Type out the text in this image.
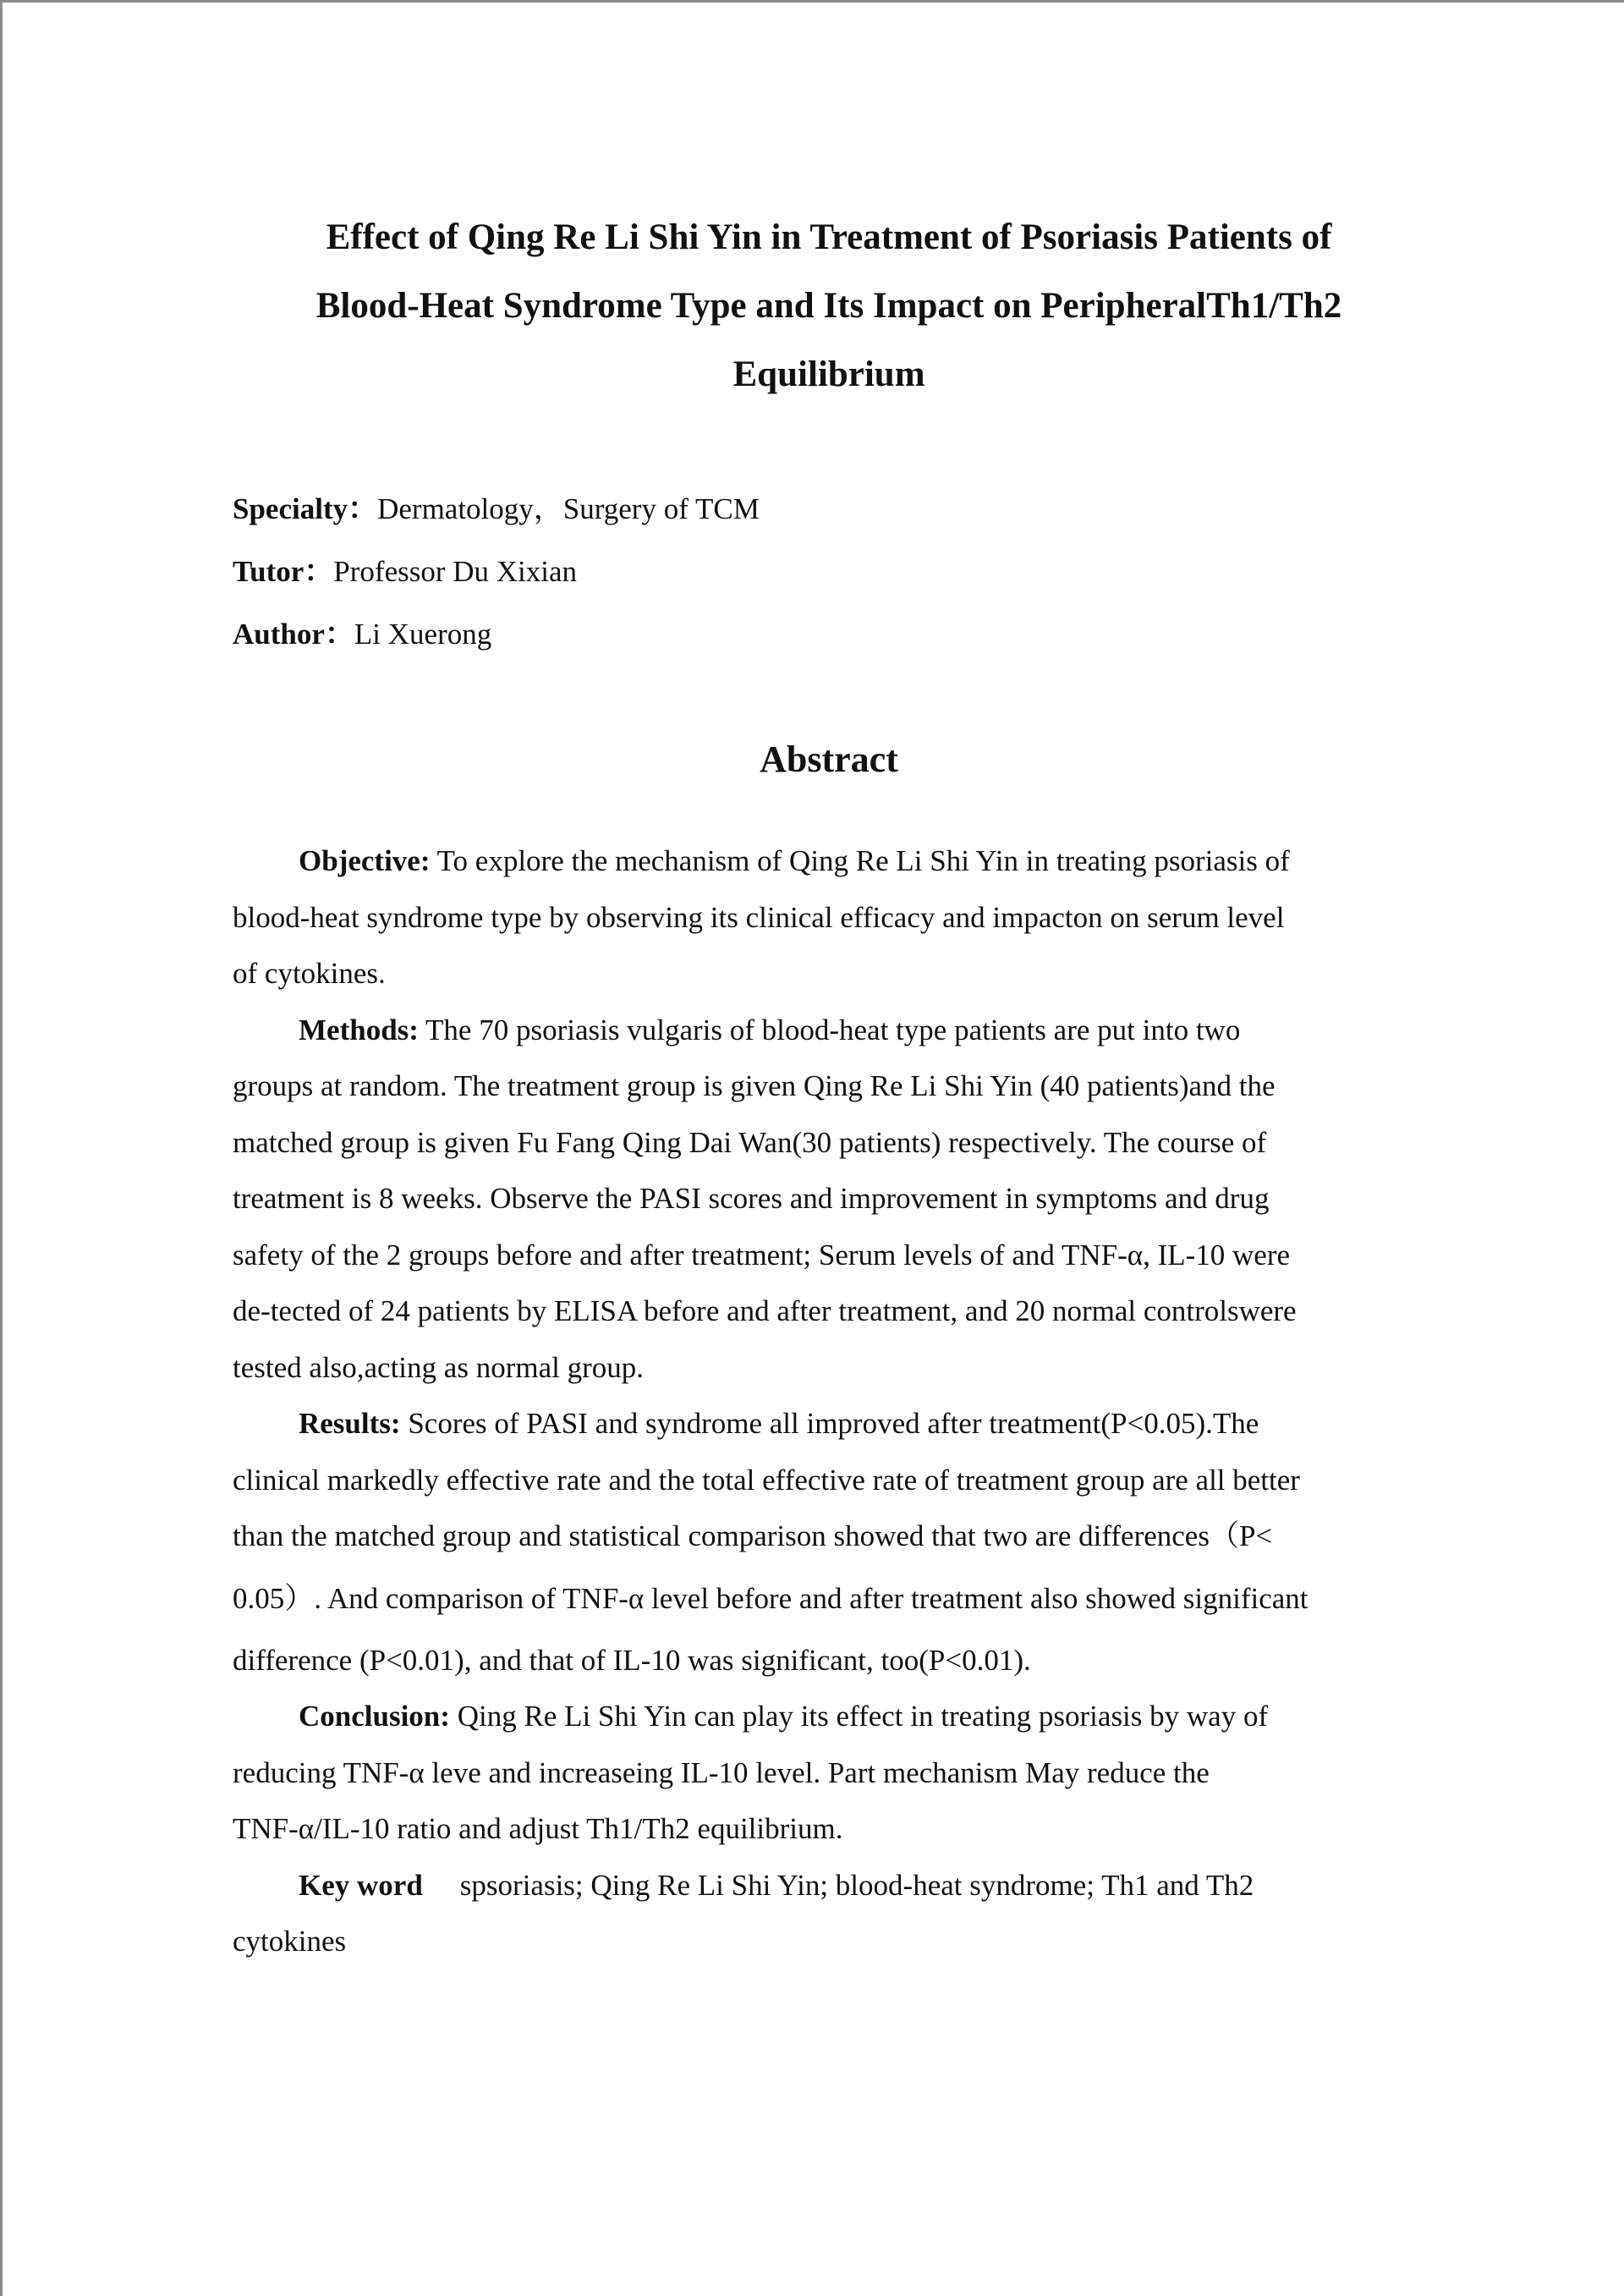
Effect of Qing Re Li Shi Yin in Treatment of Psoriasis Patients of
Blood-Heat Syndrome Type and Its Impact on PeripheralTh1/Th2
Equilibrium
Specialty：Dermatology，Surgery of TCM
Tutor：Professor Du Xixian
Author：Li Xuerong
Abstract
Objective: To explore the mechanism of Qing Re Li Shi Yin in treating psoriasis of
blood-heat syndrome type by observing its clinical efficacy and impacton on serum level
of cytokines.
Methods: The 70 psoriasis vulgaris of blood-heat type patients are put into two
groups at random. The treatment group is given Qing Re Li Shi Yin (40 patients)and the
matched group is given Fu Fang Qing Dai Wan(30 patients) respectively. The course of
treatment is 8 weeks. Observe the PASI scores and improvement in symptoms and drug
safety of the 2 groups before and after treatment; Serum levels of and TNF-α, IL-10 were
de-tected of 24 patients by ELISA before and after treatment, and 20 normal controlswere
tested also,acting as normal group.
Results: Scores of PASI and syndrome all improved after treatment(P<0.05).The
clinical markedly effective rate and the total effective rate of treatment group are all better
than the matched group and statistical comparison showed that two are differences（P<
0.05）. And comparison of TNF-α level before and after treatment also showed significant
difference (P<0.01), and that of IL-10 was significant, too(P<0.01).
Conclusion: Qing Re Li Shi Yin can play its effect in treating psoriasis by way of
reducing TNF-α leve and increaseing IL-10 level. Part mechanism May reduce the
TNF-α/IL-10 ratio and adjust Th1/Th2 equilibrium.
Key word spsoriasis; Qing Re Li Shi Yin; blood-heat syndrome; Th1 and Th2
cytokines
